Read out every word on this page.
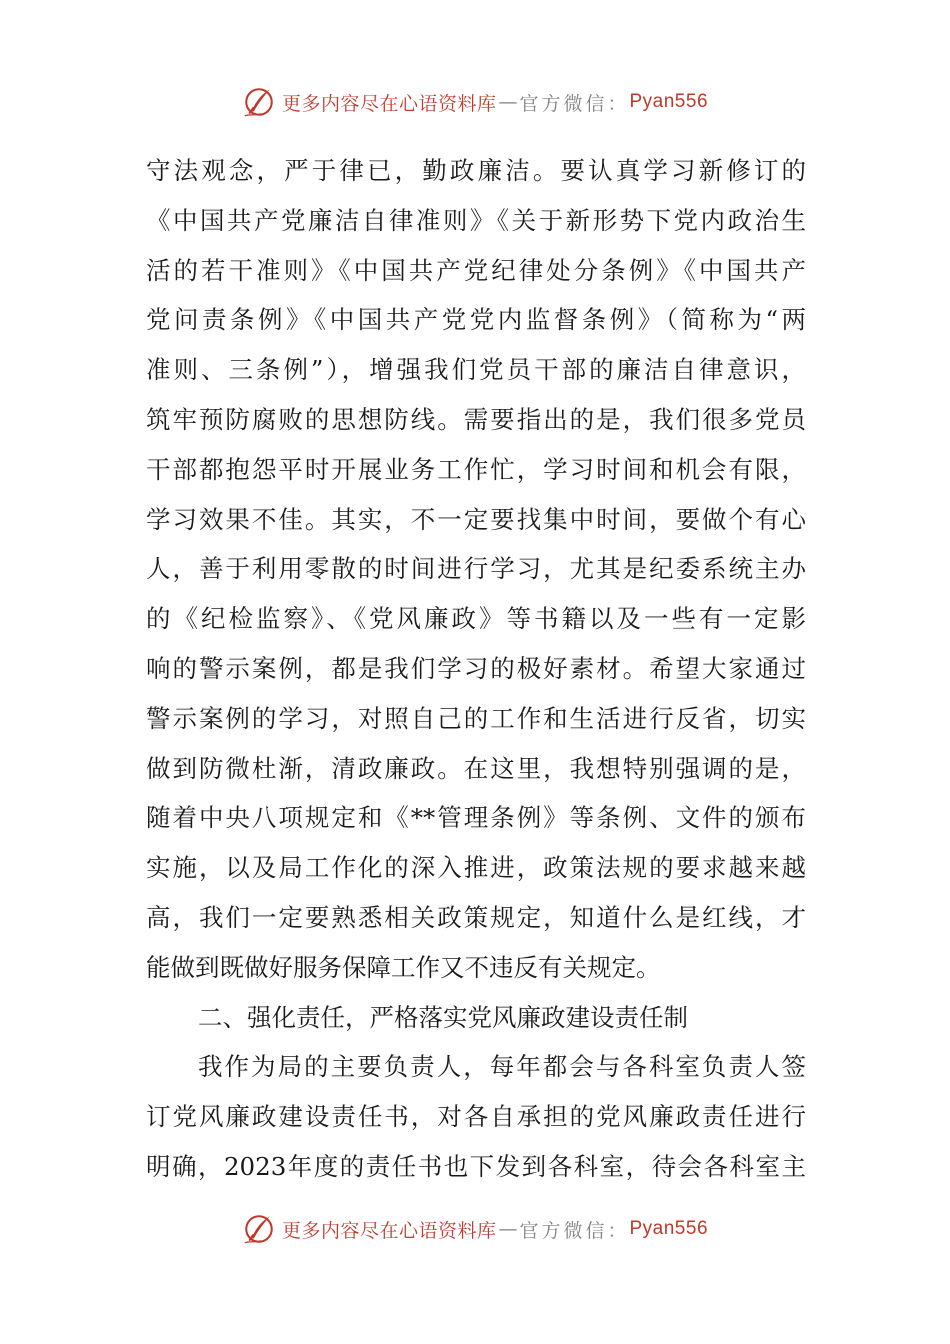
更多内容尽在心语资料库 — 官方微信： Pyan556
守法观念，严于律已，勤政廉洁。要认真学习新修订的
《中国共产党廉洁自律准则》《关于新形势下党内政治生
活的若干准则》《中国共产党纪律处分条例》《中国共产
党问责条例》《中国共产党党内监督条例》（简称为“两
准则、三条例”），增强我们党员干部的廉洁自律意识，
筑牢预防腐败的思想防线。需要指出的是，我们很多党员
干部都抱怨平时开展业务工作忙，学习时间和机会有限，
学习效果不佳。其实，不一定要找集中时间，要做个有心
人，善于利用零散的时间进行学习，尤其是纪委系统主办
的《纪检监察》、《党风廉政》等书籍以及一些有一定影
响的警示案例，都是我们学习的极好素材。希望大家通过
警示案例的学习，对照自己的工作和生活进行反省，切实
做到防微杜渐，清政廉政。在这里，我想特别强调的是，
随着中央八项规定和《**管理条例》等条例、文件的颁布
实施，以及局工作化的深入推进，政策法规的要求越来越
高，我们一定要熟悉相关政策规定，知道什么是红线，才
能做到既做好服务保障工作又不违反有关规定。
二、强化责任，严格落实党风廉政建设责任制
我作为局的主要负责人，每年都会与各科室负责人签
订党风廉政建设责任书，对各自承担的党风廉政责任进行
明确，2023年度的责任书也下发到各科室，待会各科室主
更多内容尽在心语资料库 — 官方微信： Pyan556
